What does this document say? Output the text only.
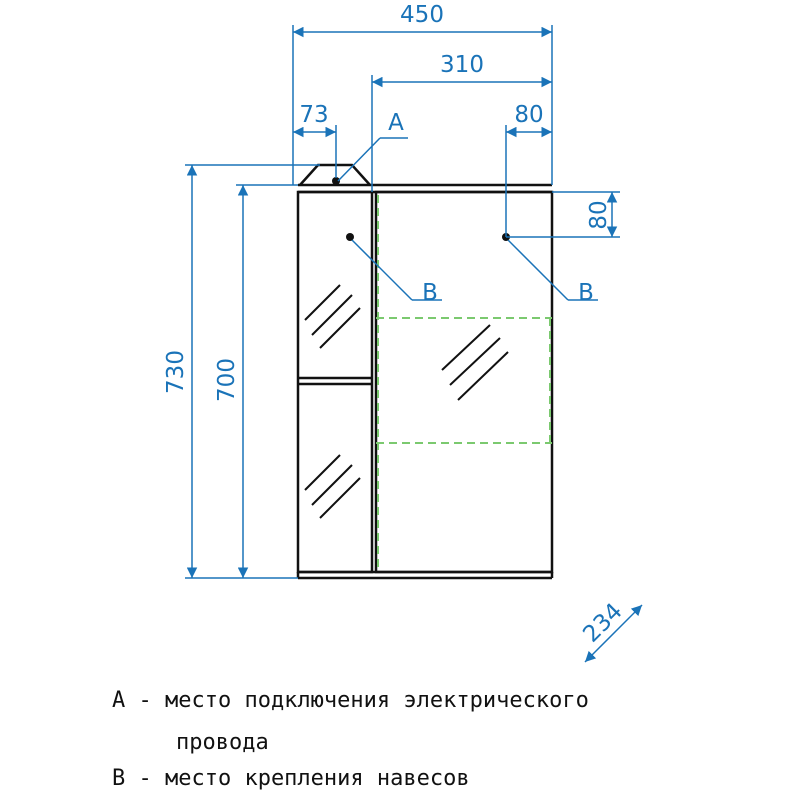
450
310
73	80
80
730 700
234
A
B	B
A - место подключения электрического
провода
B - место крепления навесов
